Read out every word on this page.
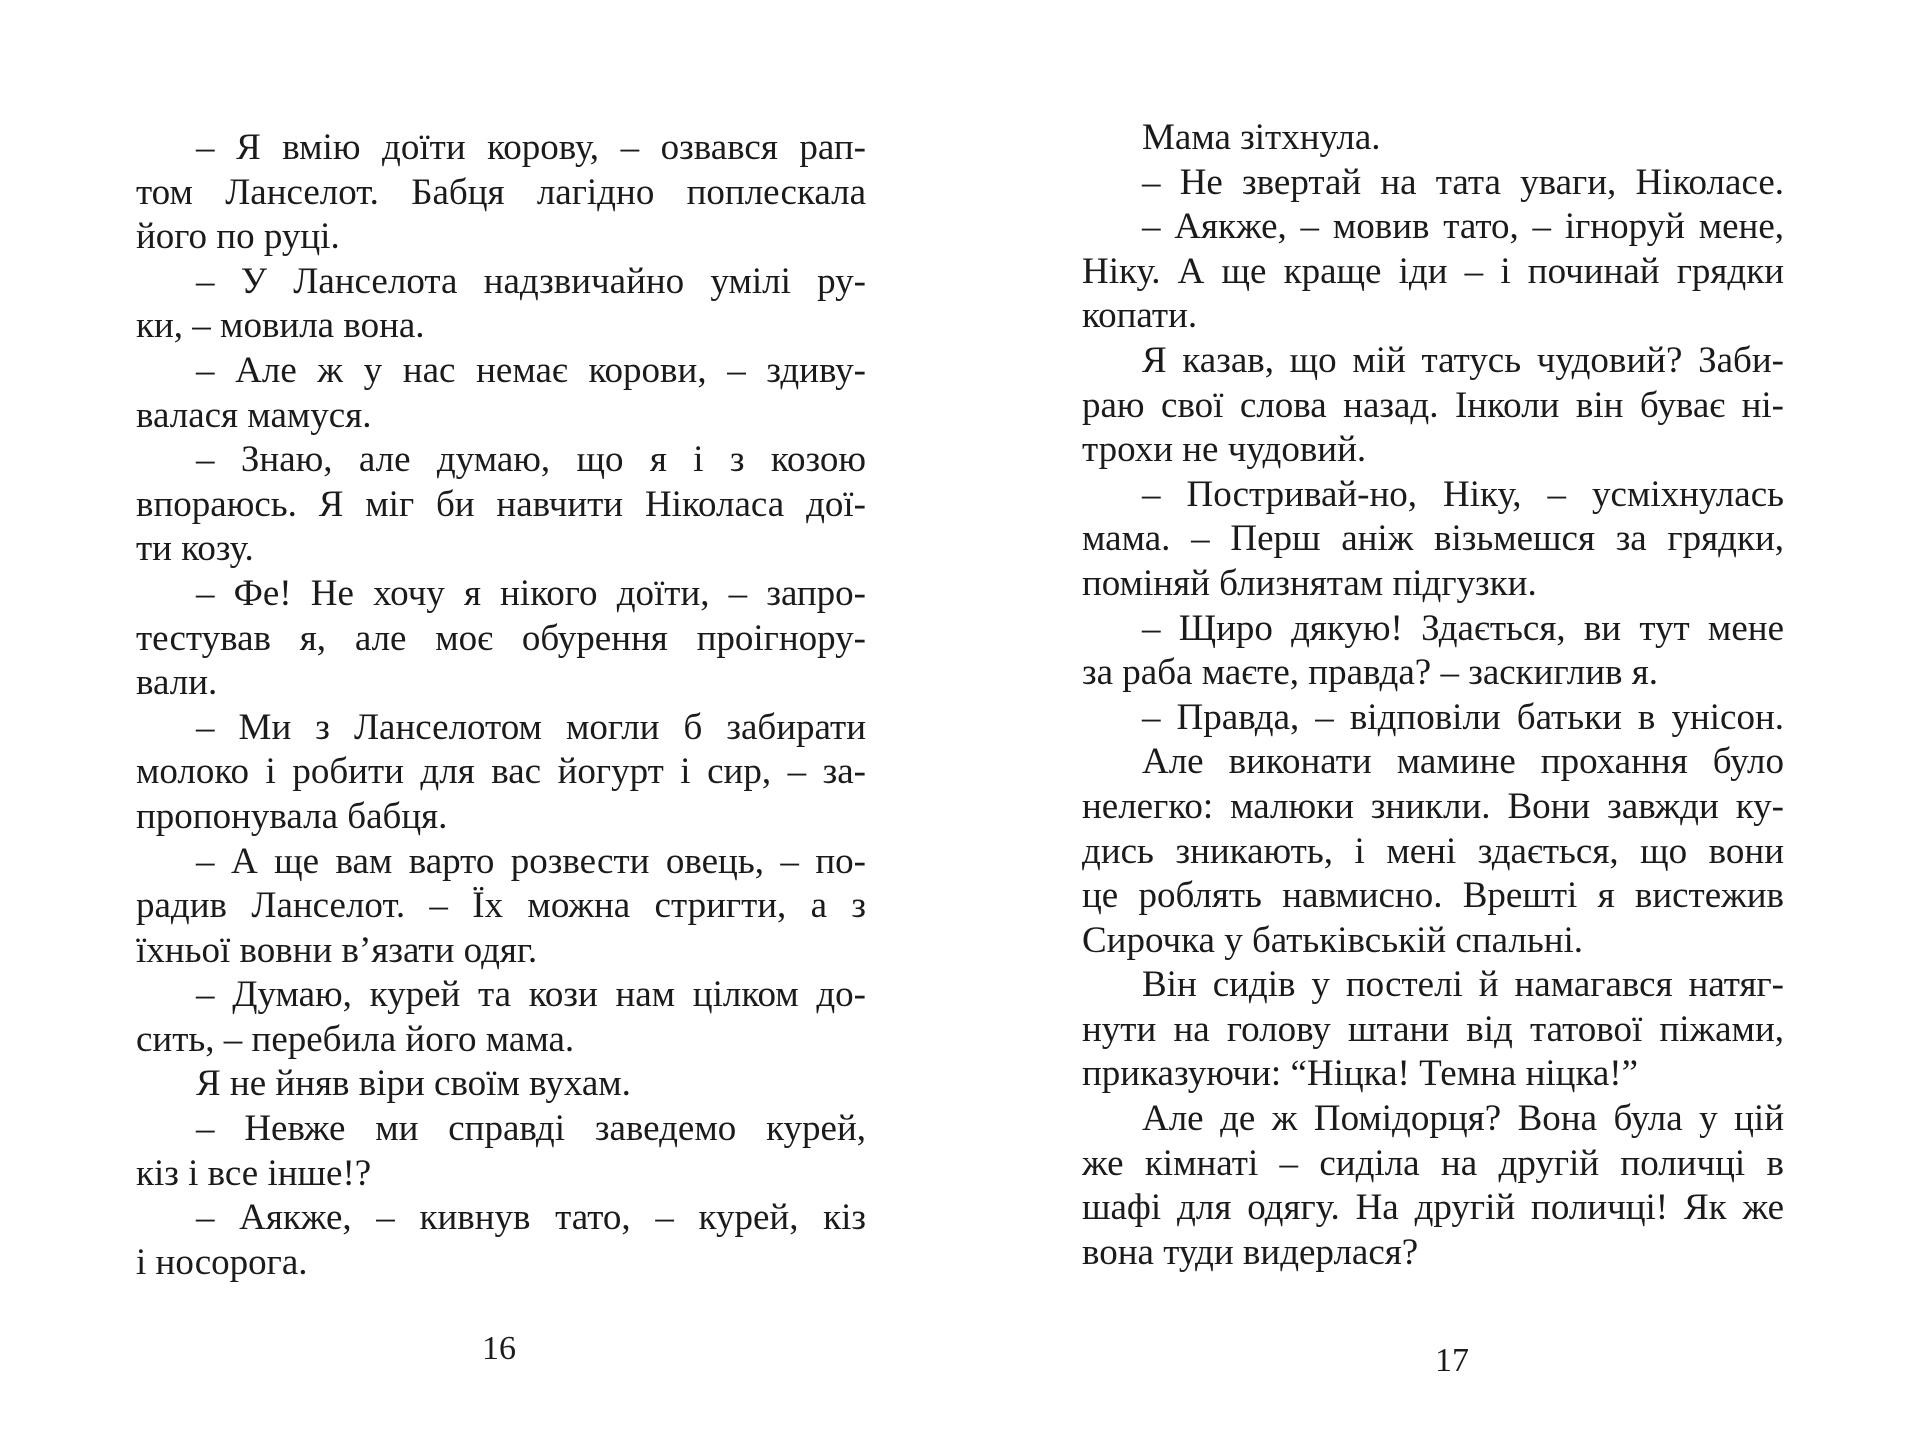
– Я вмію доїти корову, – озвався рап-
том Ланселот. Бабця лагідно поплескала
його по руці.
– У Ланселота надзвичайно умілі ру-
ки, – мовила вона.
– Але ж у нас немає корови, – здиву-
валася мамуся.
– Знаю, але думаю, що я і з козою
впораюсь. Я міг би навчити Ніколаса доï-
ти козу.
– Фе! Не хочу я нікого доїти, – запро-
тестував я, але моє обурення проігнору-
вали.
– Ми з Ланселотом могли б забирати
молоко і робити для вас йогурт і сир, – за-
пропонувала бабця.
– А ще вам варто розвести овець, – по-
радив Ланселот. – Їх можна стригти, а з
їхньої вовни в’язати одяг.
– Думаю, курей та кози нам цілком до-
сить, – перебила його мама.
Я не йняв віри своїм вухам.
– Невже ми справді заведемо курей,
кіз і все інше!?
– Аякже, – кивнув тато, – курей, кіз
і носорога.
16
Мама зітхнула.
– Не звертай на тата уваги, Ніколасе.
– Аякже, – мовив тато, – ігноруй мене,
Ніку. А ще краще іди – і починай грядки
копати.
Я казав, що мій татусь чудовий? Заби-
раю свої слова назад. Інколи він буває ні-
трохи не чудовий.
– Постривай-но, Ніку, – усміхнулась
мама. – Перш аніж візьмешся за грядки,
поміняй близнятам підгузки.
– Щиро дякую! Здається, ви тут мене
за раба маєте, правда? – заскиглив я.
– Правда, – відповіли батьки в унісон.
Але виконати мамине прохання було
нелегко: малюки зникли. Вони завжди ку-
дись зникають, і мені здається, що вони
це роблять навмисно. Врешті я вистежив
Сирочка у батьківській спальні.
Він сидів у постелі й намагався натяг-
нути на голову штани від татової піжами,
приказуючи: “Ніцка! Темна ніцка!”
Але де ж Помідорця? Вона була у цій
же кімнаті – сиділа на другій поличці в
шафі для одягу. На другій поличці! Як же
вона туди видерлася?
17
